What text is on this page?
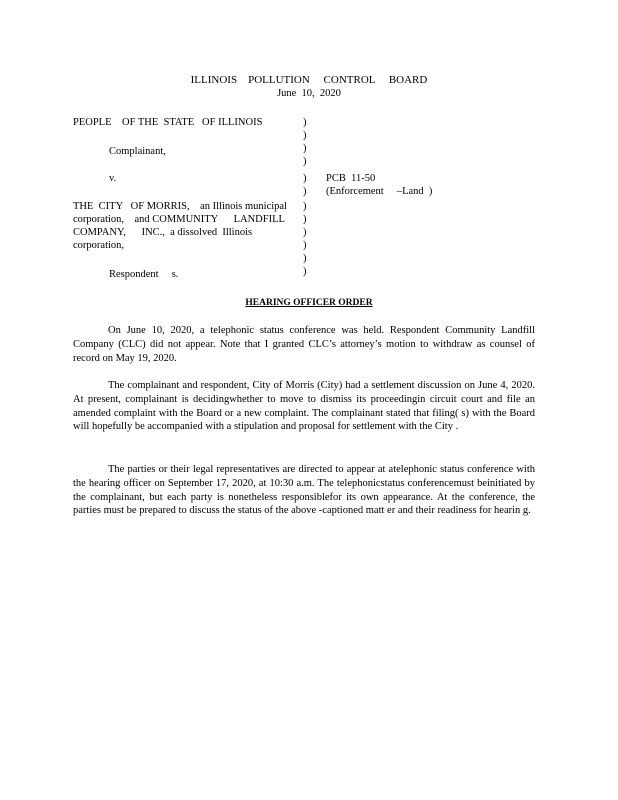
ILLINOIS    POLLUTION     CONTROL     BOARD
June  10,  2020
PEOPLE    OF THE  STATE   OF ILLINOIS
Complainant,
v.
THE  CITY   OF MORRIS,    an Illinois municipal
corporation,    and COMMUNITY      LANDFILL
COMPANY,      INC.,  a dissolved  Illinois
corporation,
Respondent     s.
)
)
)
)
)
)
)
)
)
)
)
)
PCB  11-50
(Enforcement     –Land  )
HEARING OFFICER ORDER
On June 10, 2020, a telephonic status conference was held. Respondent Community Landfill Company (CLC) did not appear. Note that I granted CLC’s attorney’s motion to withdraw as counsel of record on May 19, 2020.
The complainant and respondent, City of Morris (City) had a settlement discussion on June 4, 2020. At present, complainant is decidingwhether to move to dismiss its proceedingin circuit court and file an amended complaint with the Board or a new complaint. The complainant stated that filing( s) with the Board will hopefully be accompanied with a stipulation and proposal for settlement with the City .
The parties or their legal representatives are directed to appear at atelephonic status conference with the hearing officer on September 17, 2020, at 10:30 a.m. The telephonicstatus conferencemust beinitiated by the complainant, but each party is nonetheless responsiblefor its own appearance. At the conference, the parties must be prepared to discuss the status of the above -captioned matt er and their readiness for hearin g.
